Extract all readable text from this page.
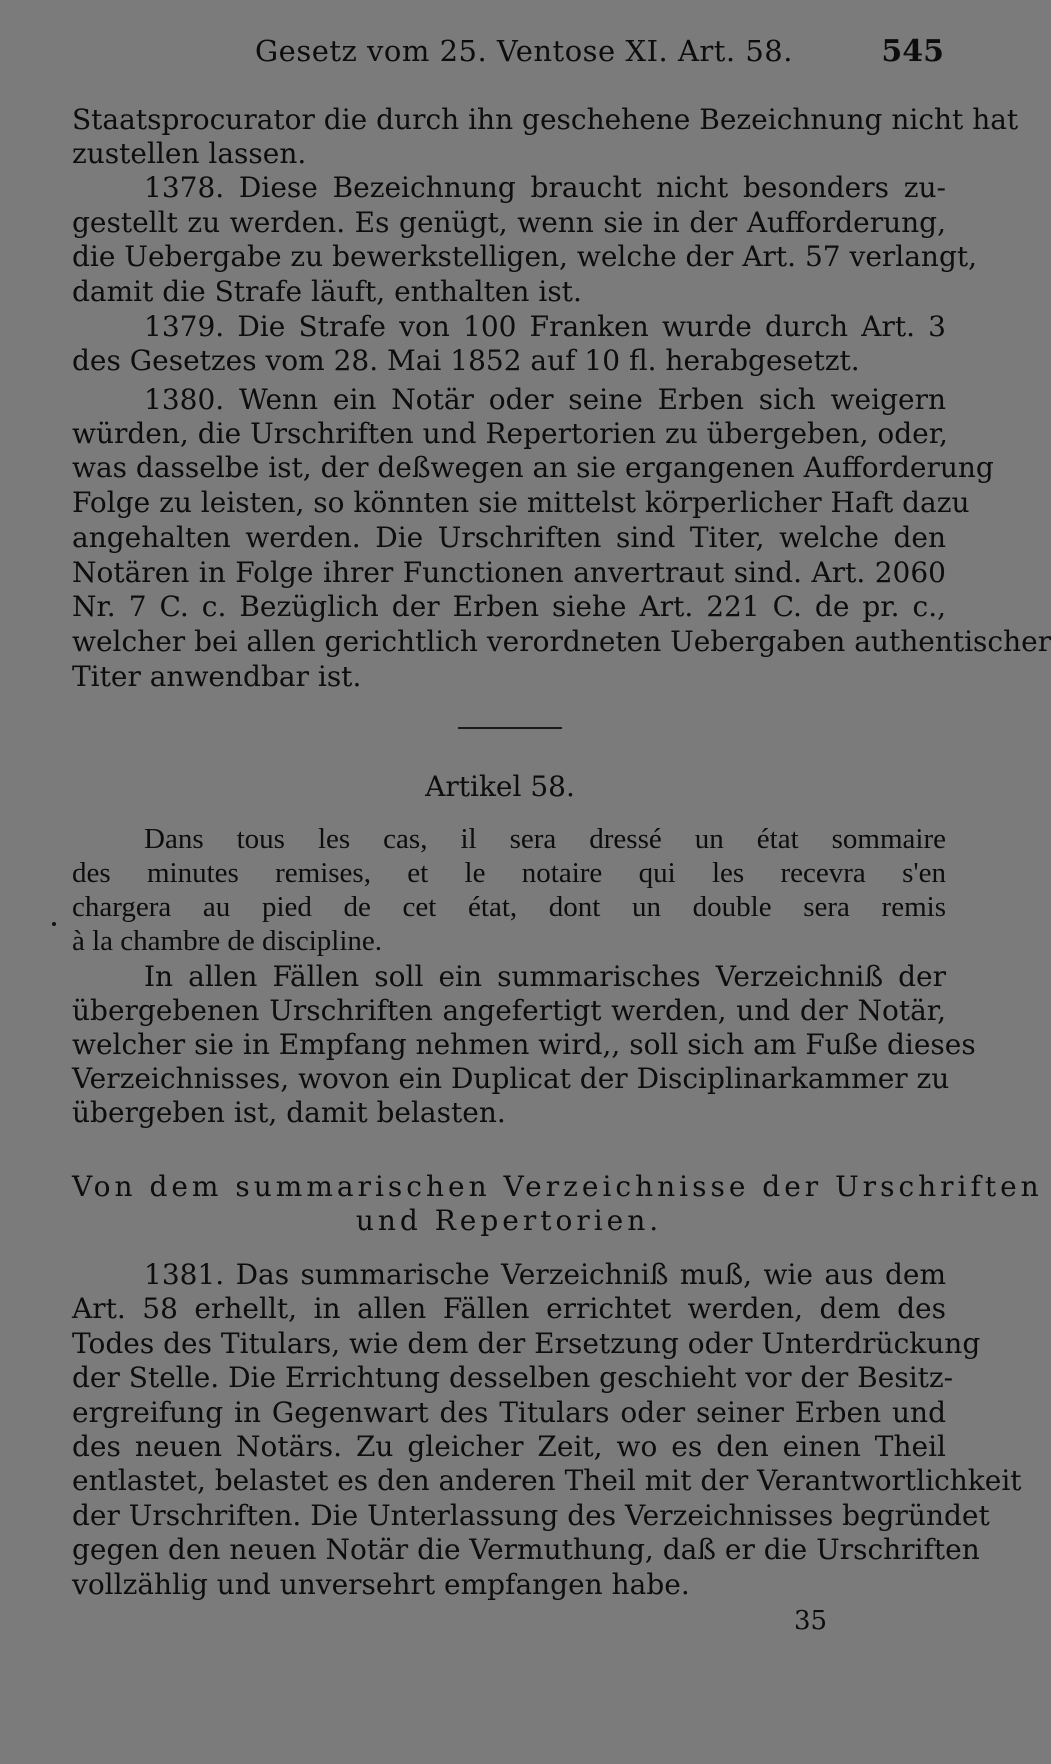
Gesetz vom 25. Ventose XI. Art. 58.	545
Staatsprocurator die durch ihn geschehene Bezeichnung nicht hat
zustellen lassen.
1378. Diese Bezeichnung braucht nicht besonders zu-
gestellt zu werden. Es genügt, wenn sie in der Aufforderung,
die Uebergabe zu bewerkstelligen, welche der Art. 57 verlangt,
damit die Strafe läuft, enthalten ist.
1379. Die Strafe von 100 Franken wurde durch Art. 3
des Gesetzes vom 28. Mai 1852 auf 10 fl. herabgesetzt.
1380. Wenn ein Notär oder seine Erben sich weigern
würden, die Urschriften und Repertorien zu übergeben, oder,
was dasselbe ist, der deßwegen an sie ergangenen Aufforderung
Folge zu leisten, so könnten sie mittelst körperlicher Haft dazu
angehalten werden. Die Urschriften sind Titer, welche den
Notären in Folge ihrer Functionen anvertraut sind. Art. 2060
Nr. 7 C. c. Bezüglich der Erben siehe Art. 221 C. de pr. c.,
welcher bei allen gerichtlich verordneten Uebergaben authentischer
Titer anwendbar ist.
Artikel 58.
Dans tous les cas, il sera dressé un état sommaire
des minutes remises, et le notaire qui les recevra s'en
chargera au pied de cet état, dont un double sera remis
à la chambre de discipline.
In allen Fällen soll ein summarisches Verzeichniß der
übergebenen Urschriften angefertigt werden, und der Notär,
welcher sie in Empfang nehmen wird,, soll sich am Fuße dieses
Verzeichnisses, wovon ein Duplicat der Disciplinarkammer zu
übergeben ist, damit belasten.
Von dem summarischen Verzeichnisse der Urschriften
und Repertorien.
1381. Das summarische Verzeichniß muß, wie aus dem
Art. 58 erhellt, in allen Fällen errichtet werden, dem des
Todes des Titulars, wie dem der Ersetzung oder Unterdrückung
der Stelle. Die Errichtung desselben geschieht vor der Besitz-
ergreifung in Gegenwart des Titulars oder seiner Erben und
des neuen Notärs. Zu gleicher Zeit, wo es den einen Theil
entlastet, belastet es den anderen Theil mit der Verantwortlichkeit
der Urschriften. Die Unterlassung des Verzeichnisses begründet
gegen den neuen Notär die Vermuthung, daß er die Urschriften
vollzählig und unversehrt empfangen habe.
35
